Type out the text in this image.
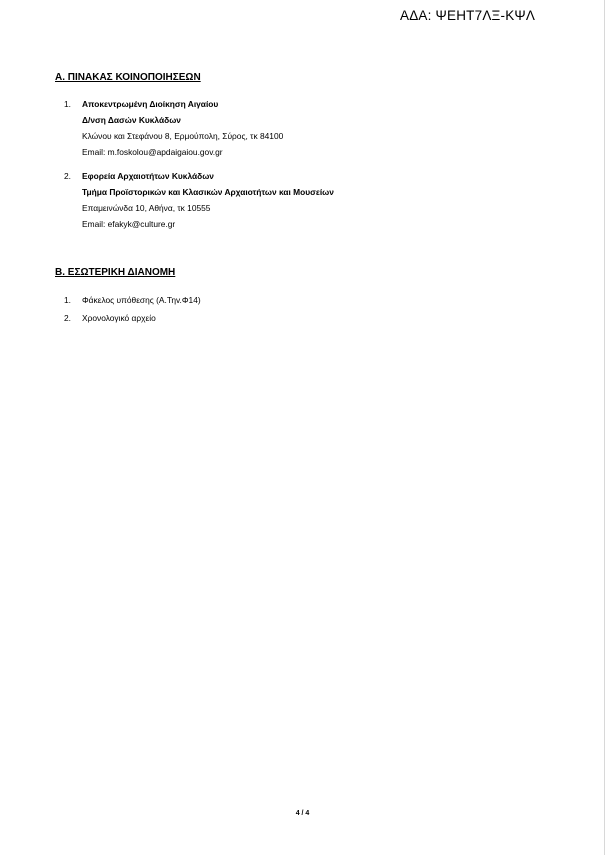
ΑΔΑ: ΨΕΗΤ7ΛΞ-ΚΨΛ
Α. ΠΙΝΑΚΑΣ ΚΟΙΝΟΠΟΙΗΣΕΩΝ
1. Αποκεντρωμένη Διοίκηση Αιγαίου
Δ/νση Δασών Κυκλάδων
Κλώνου και Στεφάνου 8, Ερμούπολη, Σύρος, τκ 84100
Email: m.foskolou@apdaigaiou.gov.gr
2. Εφορεία Αρχαιοτήτων Κυκλάδων
Τμήμα Προϊστορικών και Κλασικών Αρχαιοτήτων και Μουσείων
Επαμεινώνδα 10, Αθήνα, τκ 10555
Email: efakyk@culture.gr
Β. ΕΣΩΤΕΡΙΚΗ ΔΙΑΝΟΜΗ
1. Φάκελος υπόθεσης (Α.Τηv.Φ14)
2. Χρονολογικό αρχείο
4 / 4
